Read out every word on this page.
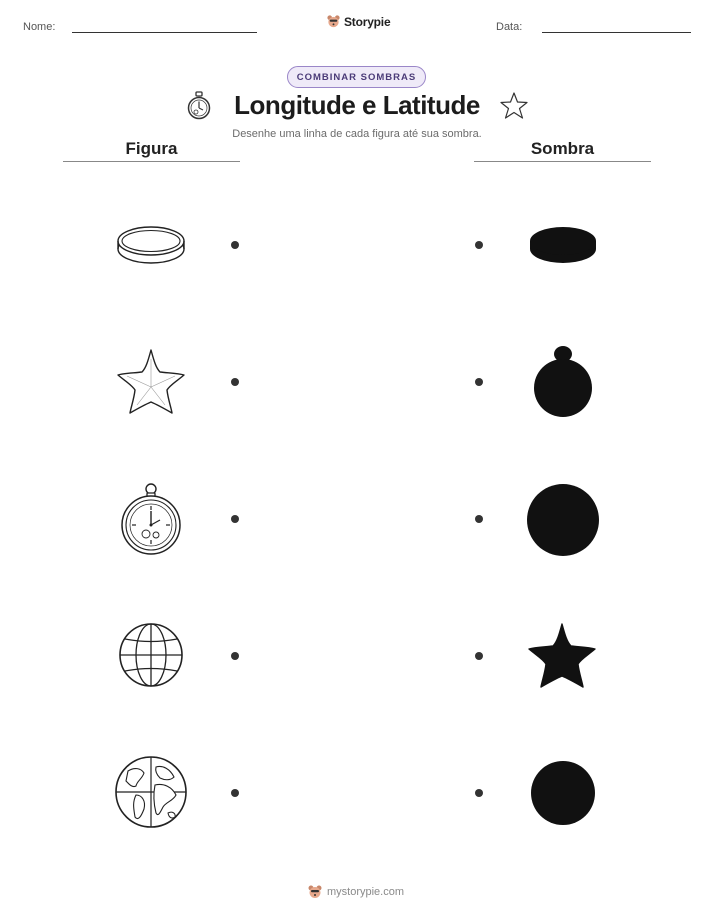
Nome:	Storypie	Data:
COMBINAR SOMBRAS
Longitude e Latitude
Desenhe uma linha de cada figura até sua sombra.
Figura	Sombra
mystorypie.com
